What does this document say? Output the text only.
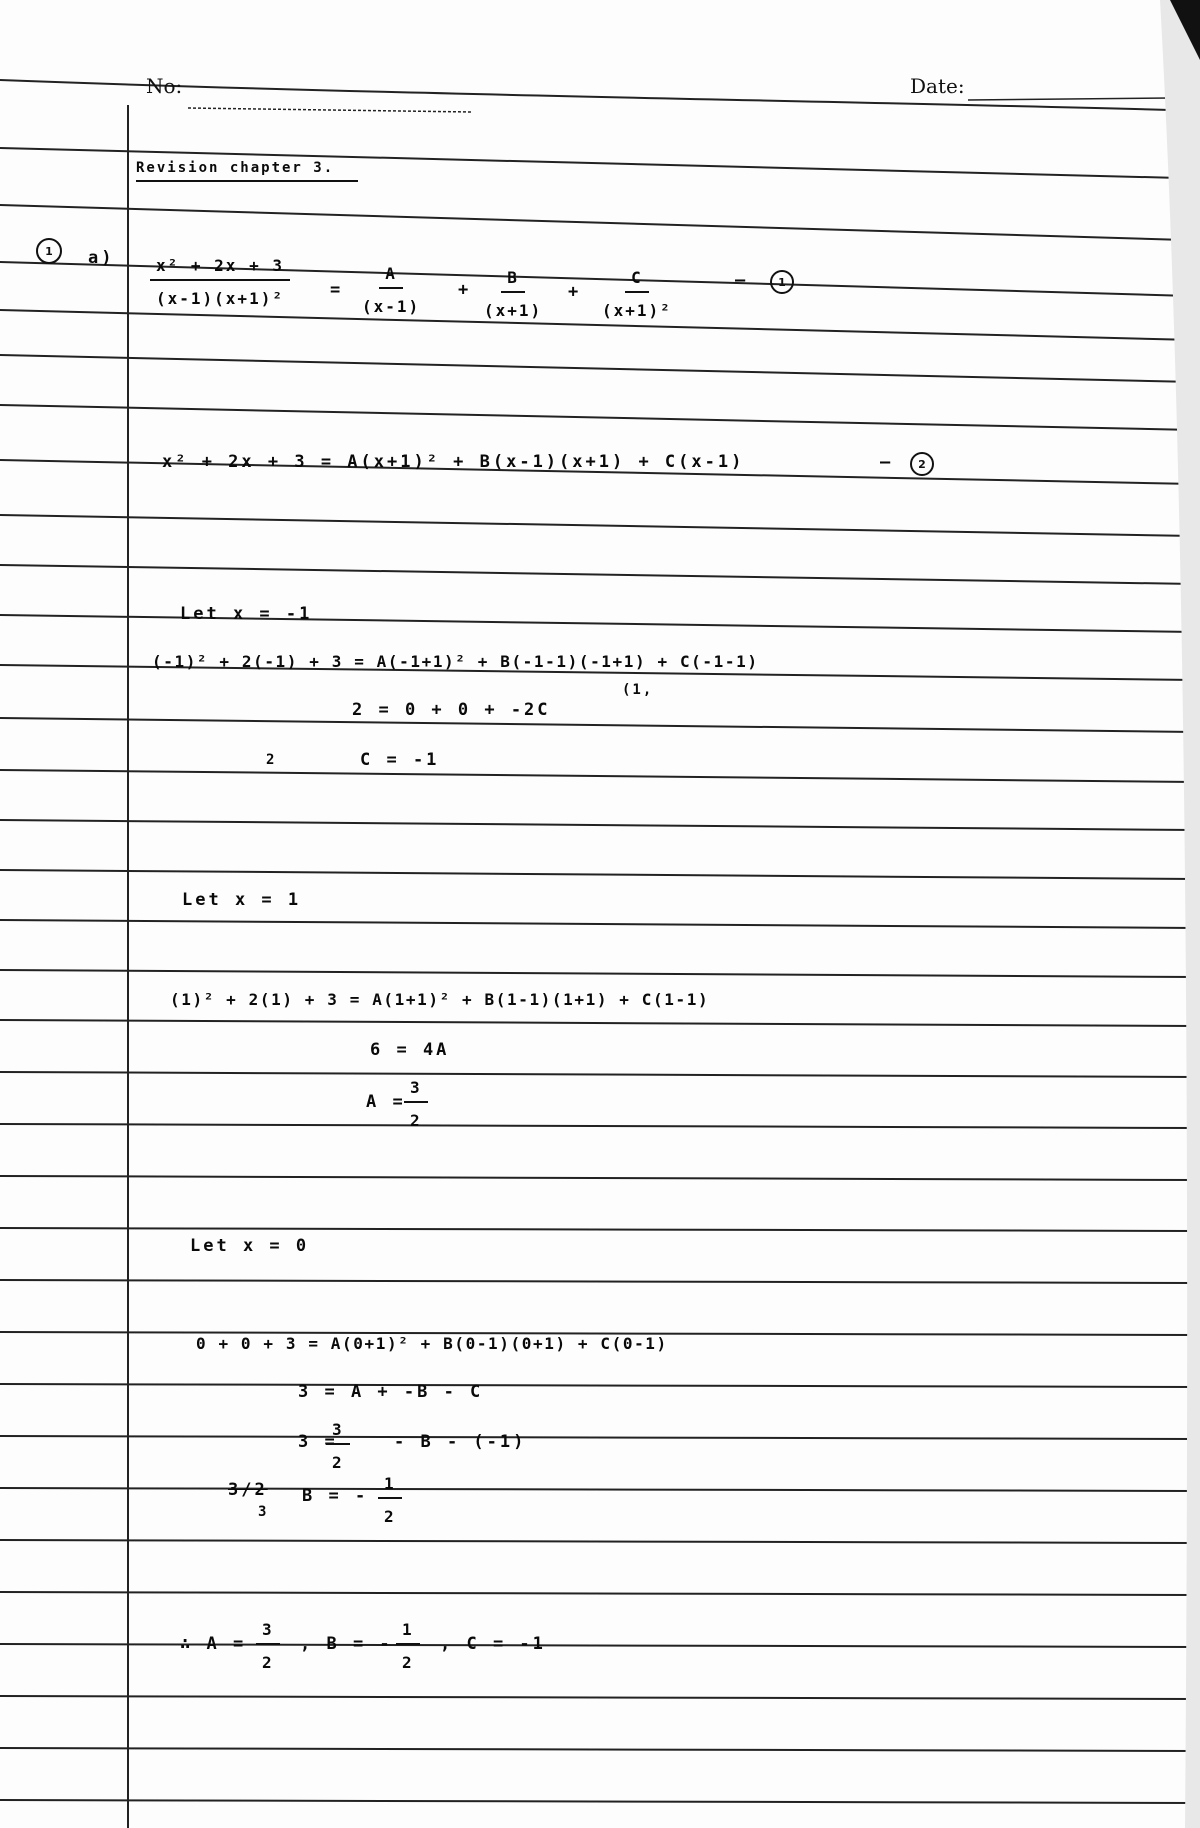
No:	Date:
Revision chapter 3.
1	$a) \frac{\text{x² + 2x + 3}}{\text{(x-1)(x+1)²}} = \frac{A}{(x-1)} + \frac{B}{(x+1)} + \frac{C}{\text{(x+1)²}}$	—	1
x² + 2x + 3 = A(x+1)² + B(x-1)(x+1) + C(x-1)	—	2
Let x = -1
(-1)² + 2(-1) + 3 = A(-1+1)² + B(-1-1)(-1+1) + C(-1-1)
(1,
2 = 0 + 0 + -2C
2	C = -1
Let x = 1
(1)² + 2(1) + 3 = A(1+1)² + B(1-1)(1+1) + C(1-1)
6 = 4A
A =
$\frac{3}{2}$
Let x = 0
0 + 0 + 3 = A(0+1)² + B(0-1)(0+1) + C(0-1)
3 = A + -B - C
3 =
$\frac{3}{2}$	- B - (-1)
3/2
3
B = - $\frac{1}{2}$
∴ $A = \frac{3}{2}$ , B = - $\frac{1}{2}$ , C = -1
